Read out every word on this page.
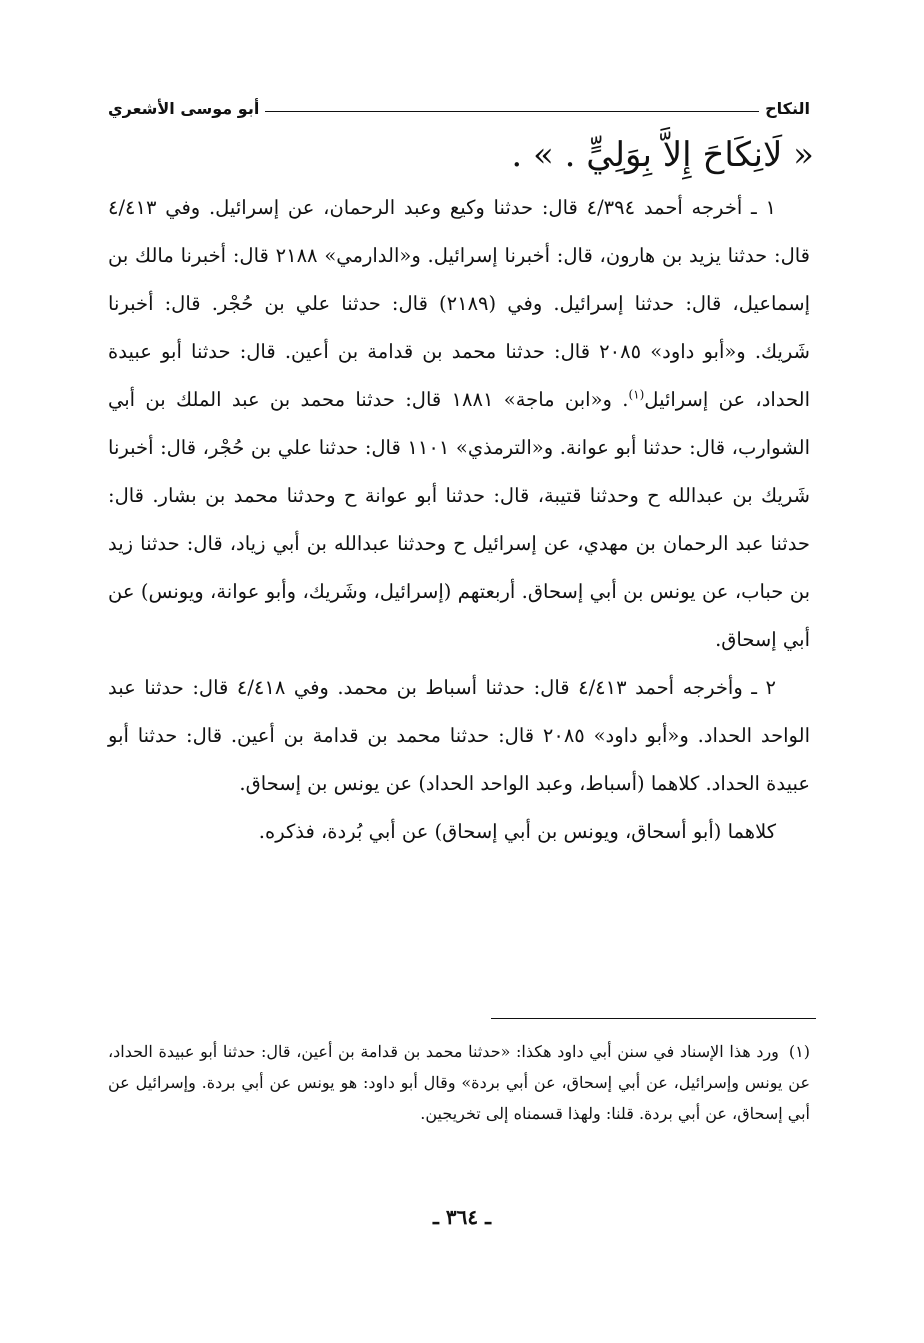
النكاح
أبو موسى الأشعري
« لَانِكَاحَ إِلاَّ بِوَلِيٍّ . » .

١ ـ أخرجه أحمد ٤/٣٩٤ قال: حدثنا وكيع وعبد الرحمان، عن إسرائيل. وفي ٤/٤١٣ قال: حدثنا يزيد بن هارون، قال: أخبرنا إسرائيل. و«الدارمي» ٢١٨٨ قال: أخبرنا مالك بن إسماعيل، قال: حدثنا إسرائيل. وفي (٢١٨٩) قال: حدثنا علي بن حُجْر. قال: أخبرنا شَريك. و«أبو داود» ٢٠٨٥ قال: حدثنا محمد بن قدامة بن أعين. قال: حدثنا أبو عبيدة الحداد، عن إسرائيل$^{(١)}$. و«ابن ماجة» ١٨٨١ قال: حدثنا محمد بن عبد الملك بن أبي الشوارب، قال: حدثنا أبو عوانة. و«الترمذي» ١١٠١ قال: حدثنا علي بن حُجْر، قال: أخبرنا شَريك بن عبدالله ح وحدثنا قتيبة، قال: حدثنا أبو عوانة ح وحدثنا محمد بن بشار. قال: حدثنا عبد الرحمان بن مهدي، عن إسرائيل ح وحدثنا عبدالله بن أبي زياد، قال: حدثنا زيد بن حباب، عن يونس بن أبي إسحاق. أربعتهم (إسرائيل، وشَريك، وأبو عوانة، ويونس) عن أبي إسحاق.

٢ ـ وأخرجه أحمد ٤/٤١٣ قال: حدثنا أسباط بن محمد. وفي ٤/٤١٨ قال: حدثنا عبد الواحد الحداد. و«أبو داود» ٢٠٨٥ قال: حدثنا محمد بن قدامة بن أعين. قال: حدثنا أبو عبيدة الحداد. كلاهما (أسباط، وعبد الواحد الحداد) عن يونس بن إسحاق.

كلاهما (أبو أسحاق، ويونس بن أبي إسحاق) عن أبي بُردة، فذكره.

(١)ورد هذا الإسناد في سنن أبي داود هكذا: «حدثنا محمد بن قدامة بن أعين، قال: حدثنا أبو عبيدة الحداد، عن يونس وإسرائيل، عن أبي إسحاق، عن أبي بردة» وقال أبو داود: هو يونس عن أبي بردة. وإسرائيل عن أبي إسحاق، عن أبي بردة. قلنا: ولهذا قسمناه إلى تخريجين.
ـ ٣٦٤ ـ
